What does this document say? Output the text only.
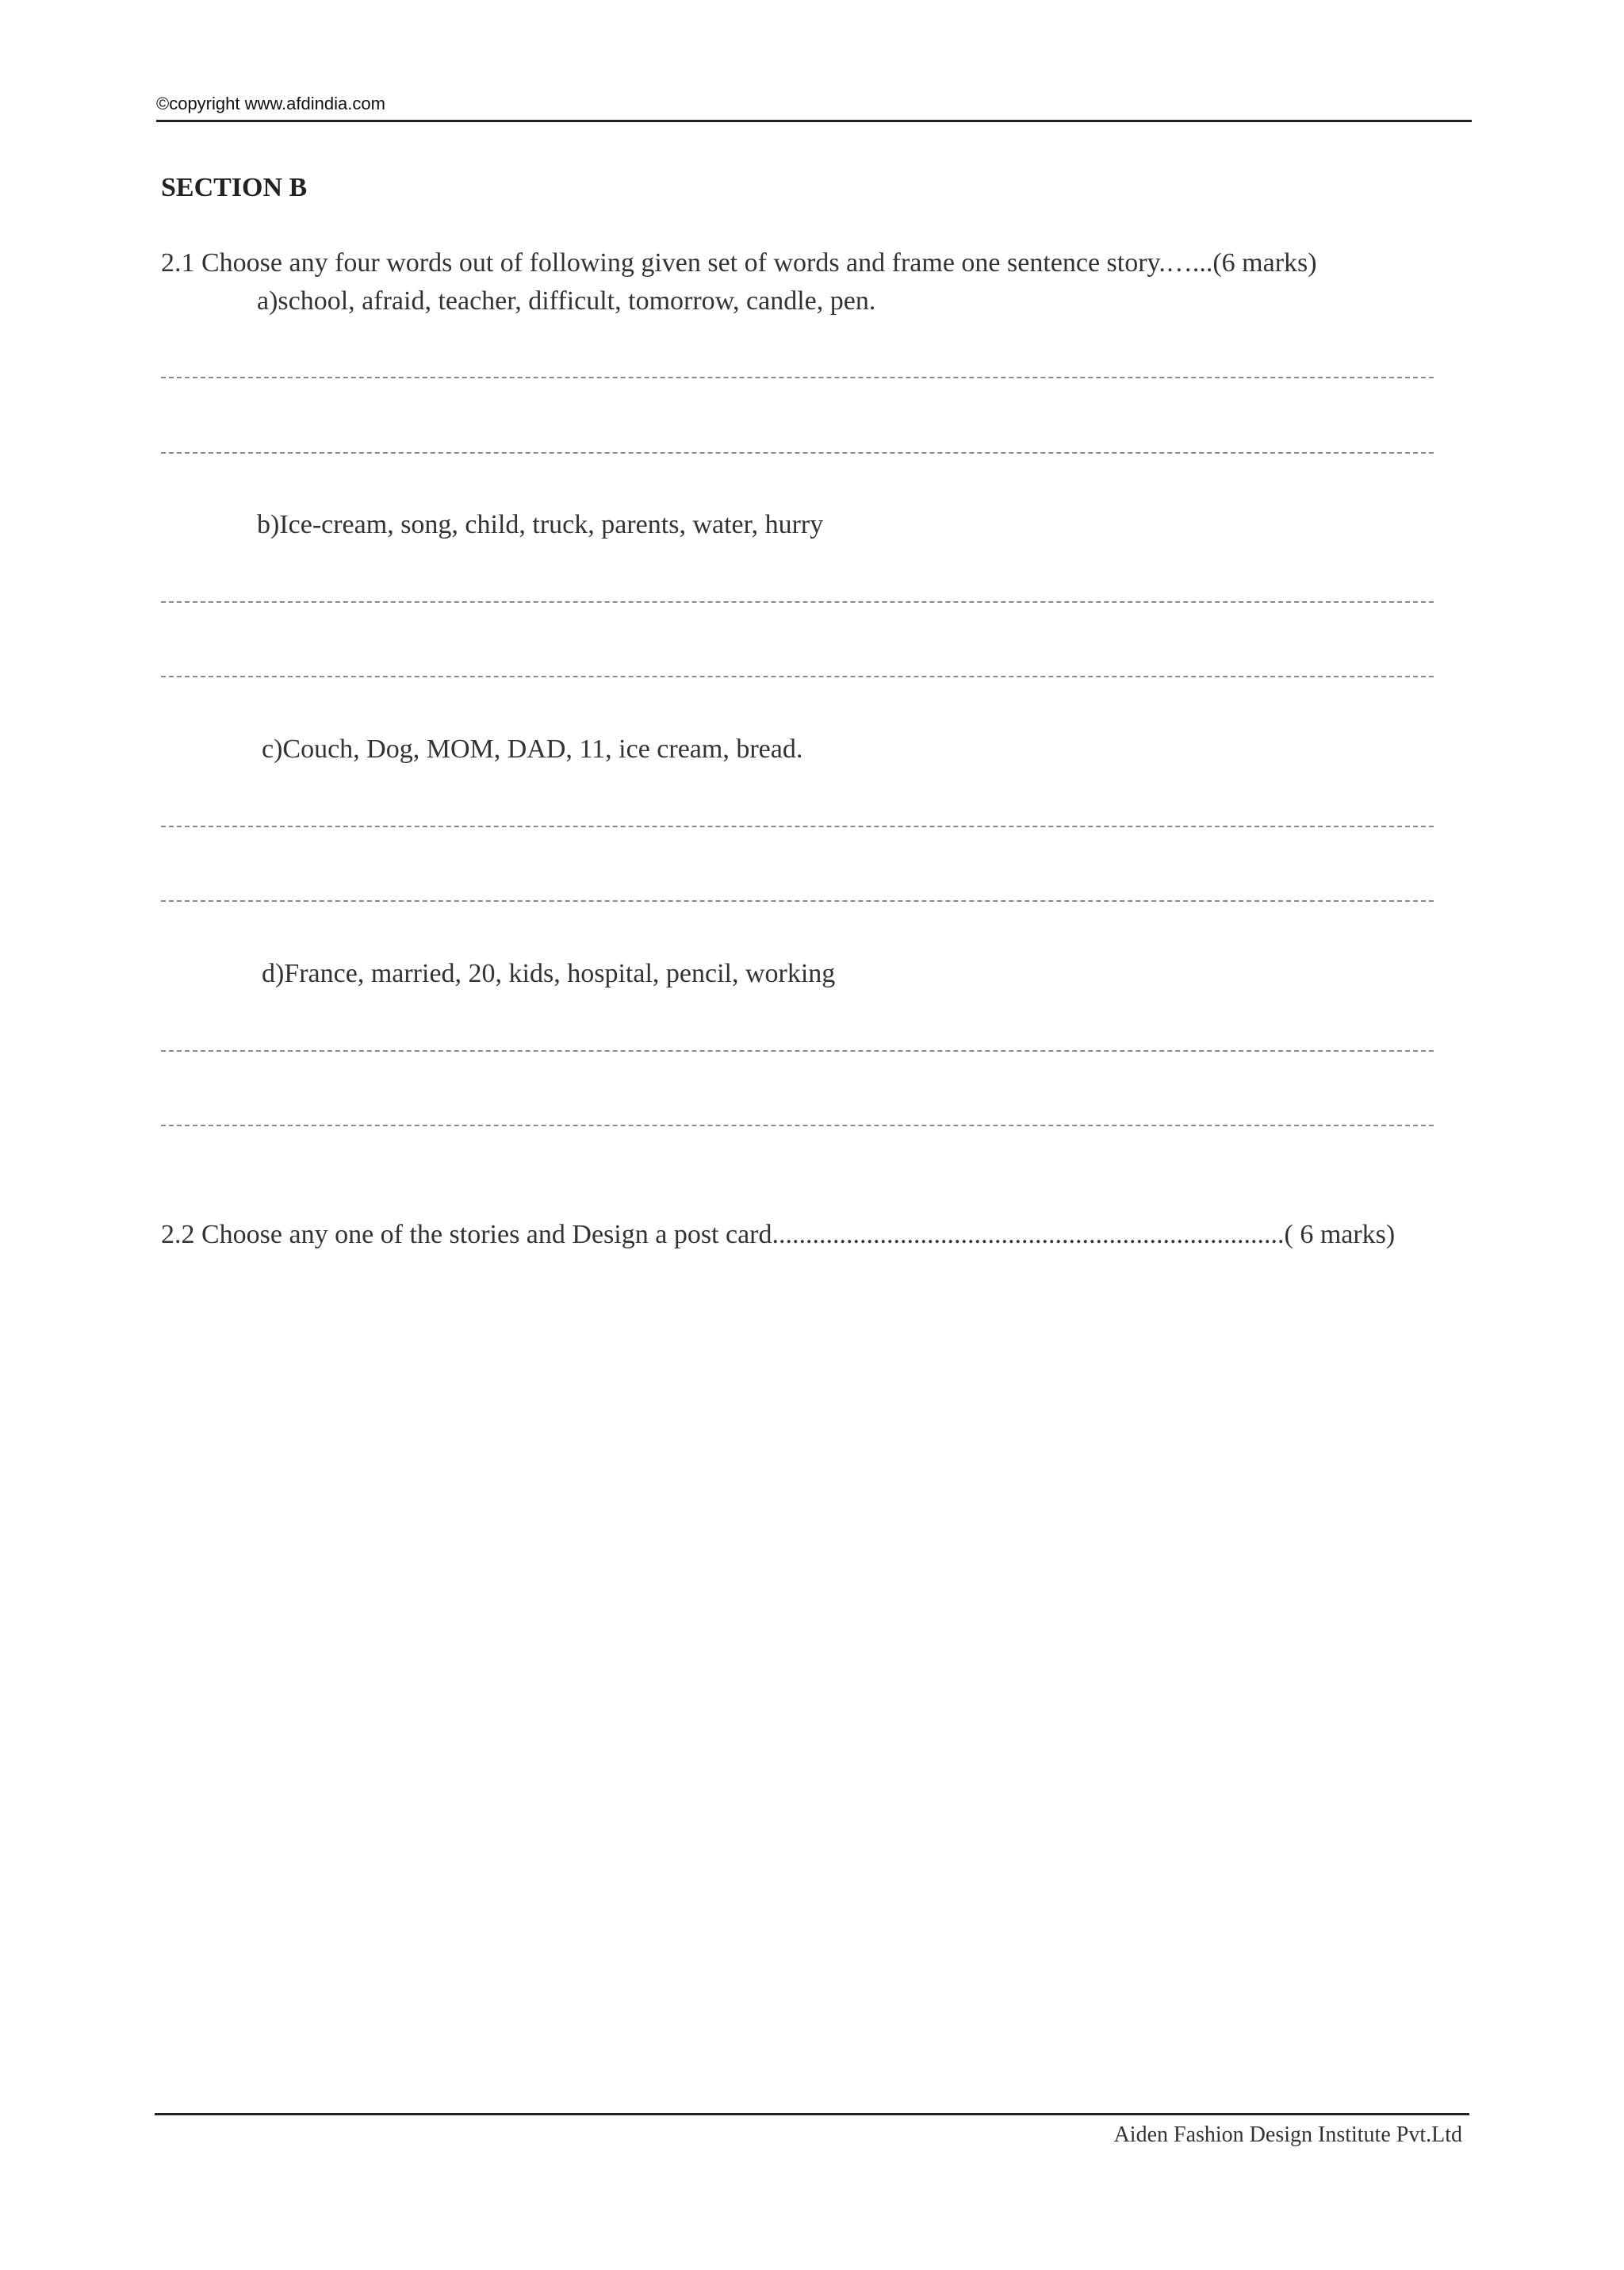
©copyright www.afdindia.com
SECTION B
2.1 Choose any four words out of following given set of words and frame one sentence story.…...(6 marks)
a)school, afraid, teacher, difficult, tomorrow, candle, pen.
b)Ice-cream, song, child, truck, parents, water, hurry
c)Couch, Dog, MOM, DAD, 11, ice cream, bread.
d)France, married, 20, kids, hospital, pencil, working
2.2 Choose any one of the stories and Design a post card............................................................................( 6 marks)
Aiden Fashion Design Institute Pvt.Ltd
